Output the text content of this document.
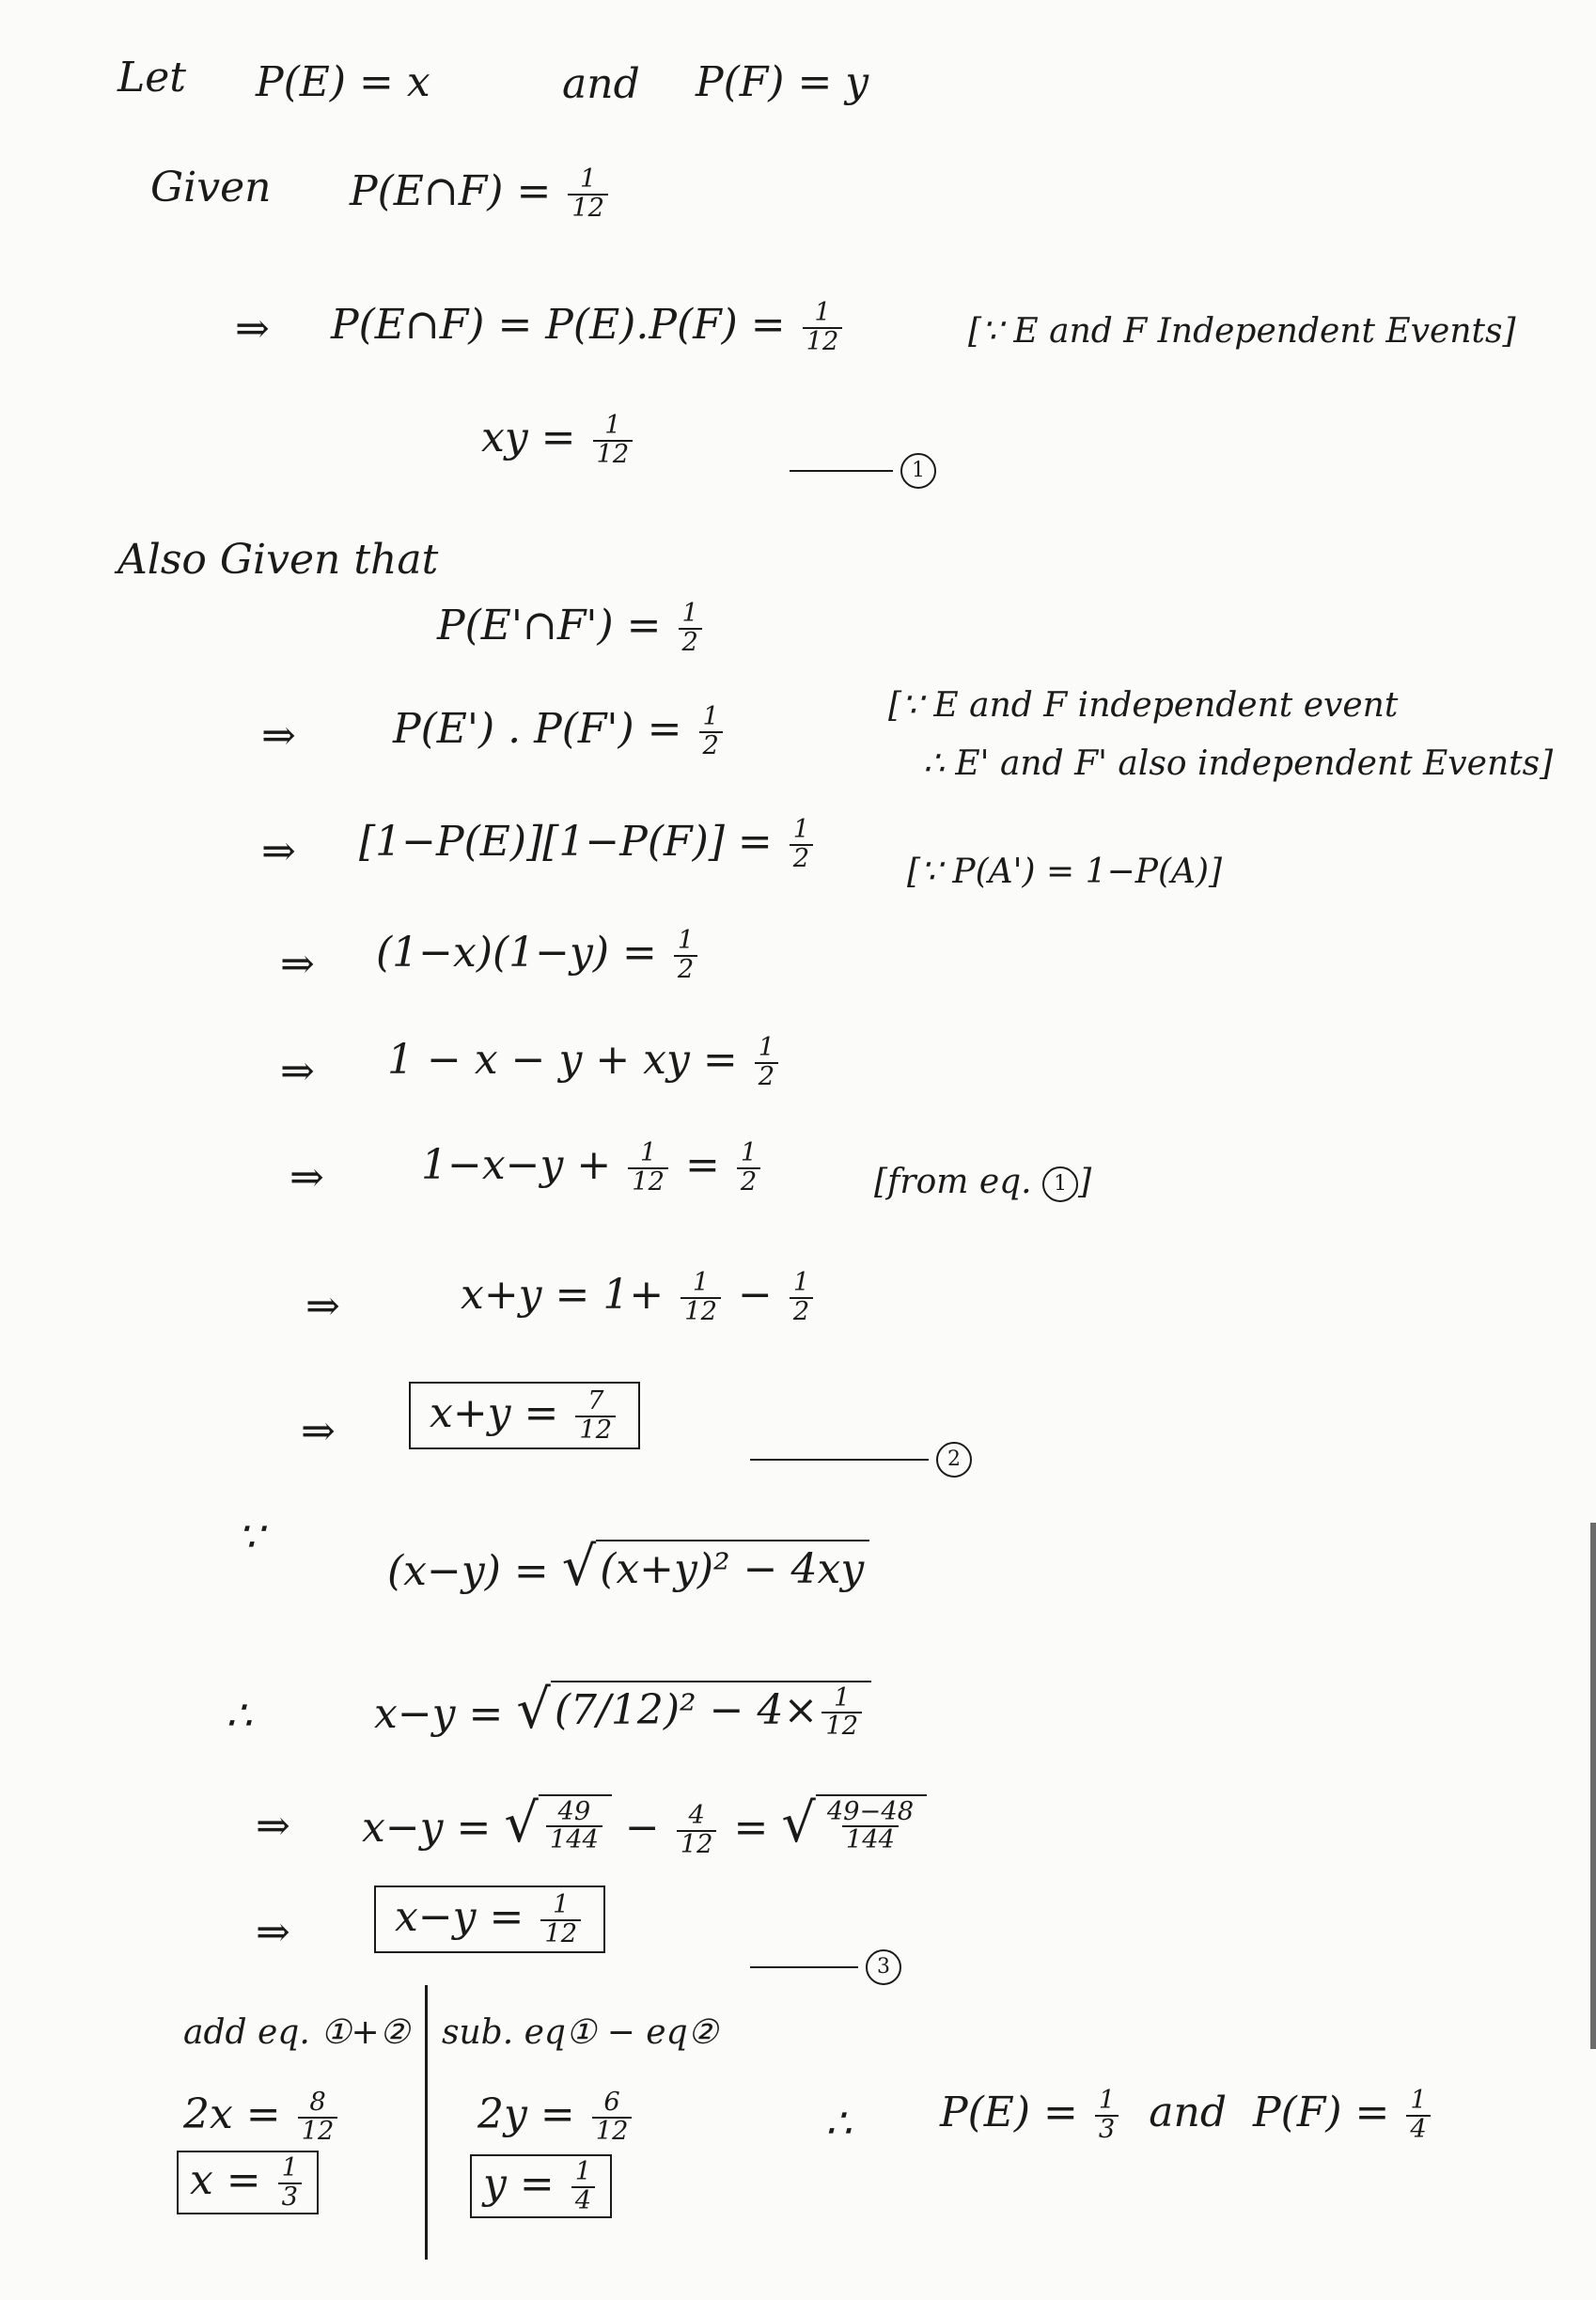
Let P(E) = x	and P(F) = y
Given P(E∩F) = $\frac{1}{12}$
⇒ P(E∩F) = $P(E).P(F) = \frac{1}{12}$	[∵ E and F Independent Events]
xy = $\frac{1}{12}$
1
Also Given that
P(E'∩F') = $\frac{1}{2}$
⇒ P(E') . $P(F') = \frac{1}{2}$	[∵ E and F independent event
∴ E' and F' also independent Events]
⇒ $[1-P(E)][1-P(F)] = \frac{1}{2}$	[∵ P(A') = 1−P(A)]
⇒ $(1-x)(1-y) = \frac{1}{2}$
⇒ 1 − x − y + xy = $\frac{1}{2}$
⇒ $1-x-y + \frac{1}{12} = \frac{1}{2}$	[from eq. 1 ]
⇒	$x+y = 1+ \frac{1}{12} - \frac{1}{2}$
⇒	$x+y = \frac{7}{12}$
2
∵
(x−y) = √ (x+y)² − 4xy
∴	x−y = √ $(7/12)^2 - 4\times \frac{1}{12}$
⇒ x−y = √ $\frac{49}{144} - \frac{4}{12}$ = √ $\frac{49-48}{144}$
⇒	$x-y = \frac{1}{12}$
3
add eq. ①+②
$2x = \frac{8}{12}$
$x = \frac{1}{3}$
sub. eq① − eq②
$2y = \frac{6}{12}$
$y = \frac{1}{4}$
∴ $P(E) = \frac{1}{3}$ and $P(F) = \frac{1}{4}$
